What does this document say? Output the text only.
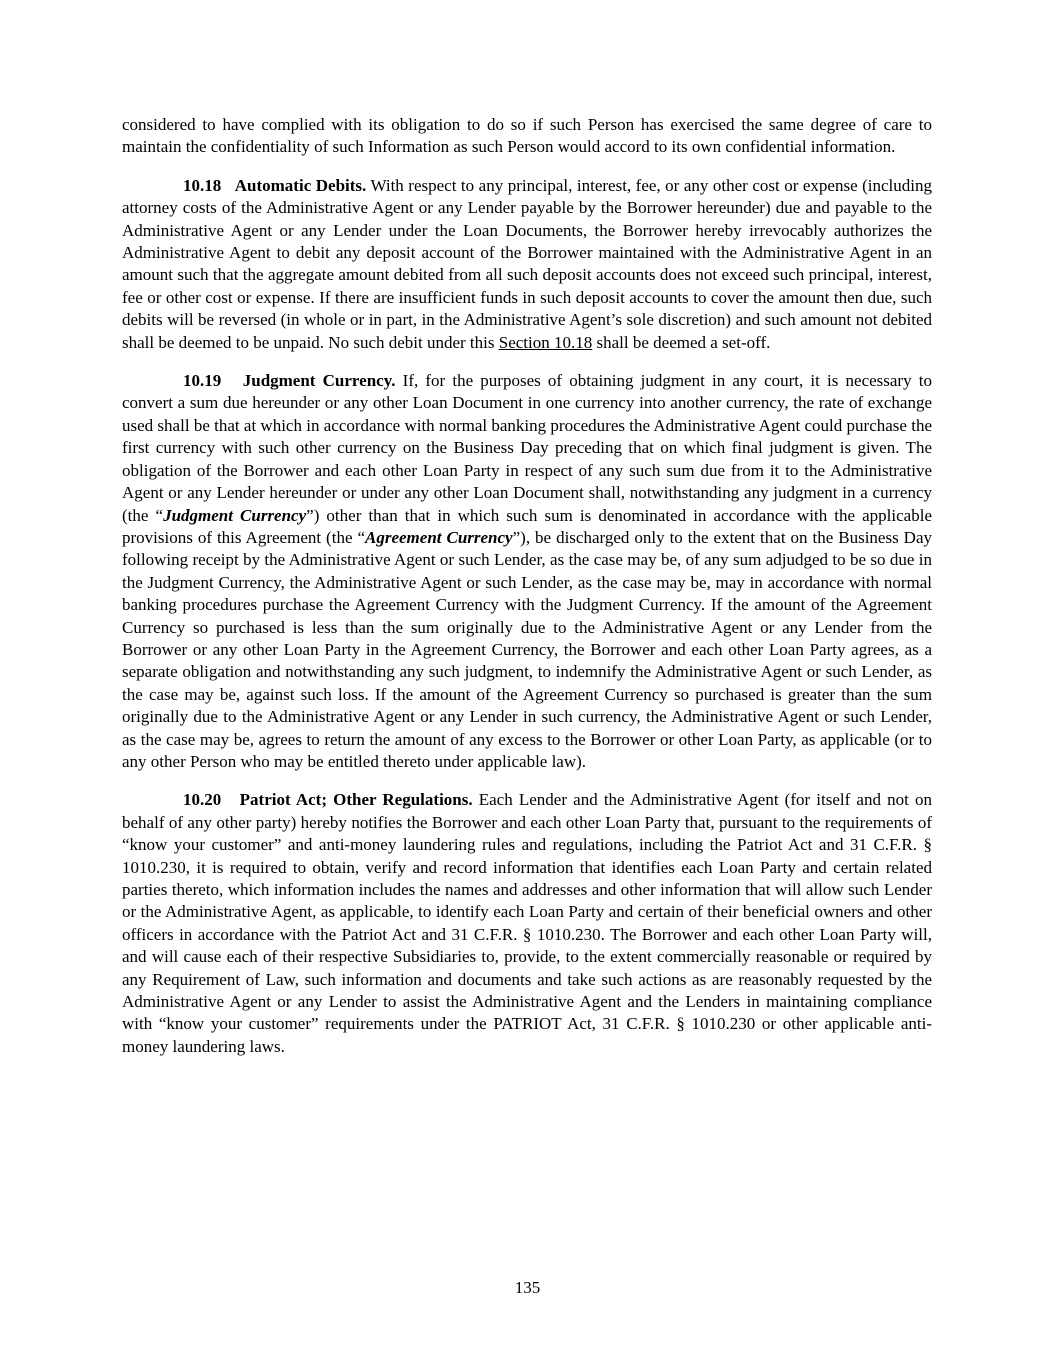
considered to have complied with its obligation to do so if such Person has exercised the same degree of care to maintain the confidentiality of such Information as such Person would accord to its own confidential information.

10.18   Automatic Debits. With respect to any principal, interest, fee, or any other cost or expense (including attorney costs of the Administrative Agent or any Lender payable by the Borrower hereunder) due and payable to the Administrative Agent or any Lender under the Loan Documents, the Borrower hereby irrevocably authorizes the Administrative Agent to debit any deposit account of the Borrower maintained with the Administrative Agent in an amount such that the aggregate amount debited from all such deposit accounts does not exceed such principal, interest, fee or other cost or expense. If there are insufficient funds in such deposit accounts to cover the amount then due, such debits will be reversed (in whole or in part, in the Administrative Agent’s sole discretion) and such amount not debited shall be deemed to be unpaid. No such debit under this Section 10.18 shall be deemed a set-off.

10.19   Judgment Currency. If, for the purposes of obtaining judgment in any court, it is necessary to convert a sum due hereunder or any other Loan Document in one currency into another currency, the rate of exchange used shall be that at which in accordance with normal banking procedures the Administrative Agent could purchase the first currency with such other currency on the Business Day preceding that on which final judgment is given. The obligation of the Borrower and each other Loan Party in respect of any such sum due from it to the Administrative Agent or any Lender hereunder or under any other Loan Document shall, notwithstanding any judgment in a currency (the “Judgment Currency”) other than that in which such sum is denominated in accordance with the applicable provisions of this Agreement (the “Agreement Currency”), be discharged only to the extent that on the Business Day following receipt by the Administrative Agent or such Lender, as the case may be, of any sum adjudged to be so due in the Judgment Currency, the Administrative Agent or such Lender, as the case may be, may in accordance with normal banking procedures purchase the Agreement Currency with the Judgment Currency. If the amount of the Agreement Currency so purchased is less than the sum originally due to the Administrative Agent or any Lender from the Borrower or any other Loan Party in the Agreement Currency, the Borrower and each other Loan Party agrees, as a separate obligation and notwithstanding any such judgment, to indemnify the Administrative Agent or such Lender, as the case may be, against such loss. If the amount of the Agreement Currency so purchased is greater than the sum originally due to the Administrative Agent or any Lender in such currency, the Administrative Agent or such Lender, as the case may be, agrees to return the amount of any excess to the Borrower or other Loan Party, as applicable (or to any other Person who may be entitled thereto under applicable law).

10.20   Patriot Act; Other Regulations. Each Lender and the Administrative Agent (for itself and not on behalf of any other party) hereby notifies the Borrower and each other Loan Party that, pursuant to the requirements of “know your customer” and anti-money laundering rules and regulations, including the Patriot Act and 31 C.F.R. § 1010.230, it is required to obtain, verify and record information that identifies each Loan Party and certain related parties thereto, which information includes the names and addresses and other information that will allow such Lender or the Administrative Agent, as applicable, to identify each Loan Party and certain of their beneficial owners and other officers in accordance with the Patriot Act and 31 C.F.R. § 1010.230. The Borrower and each other Loan Party will, and will cause each of their respective Subsidiaries to, provide, to the extent commercially reasonable or required by any Requirement of Law, such information and documents and take such actions as are reasonably requested by the Administrative Agent or any Lender to assist the Administrative Agent and the Lenders in maintaining compliance with “know your customer” requirements under the PATRIOT Act, 31 C.F.R. § 1010.230 or other applicable anti-money laundering laws.

135
